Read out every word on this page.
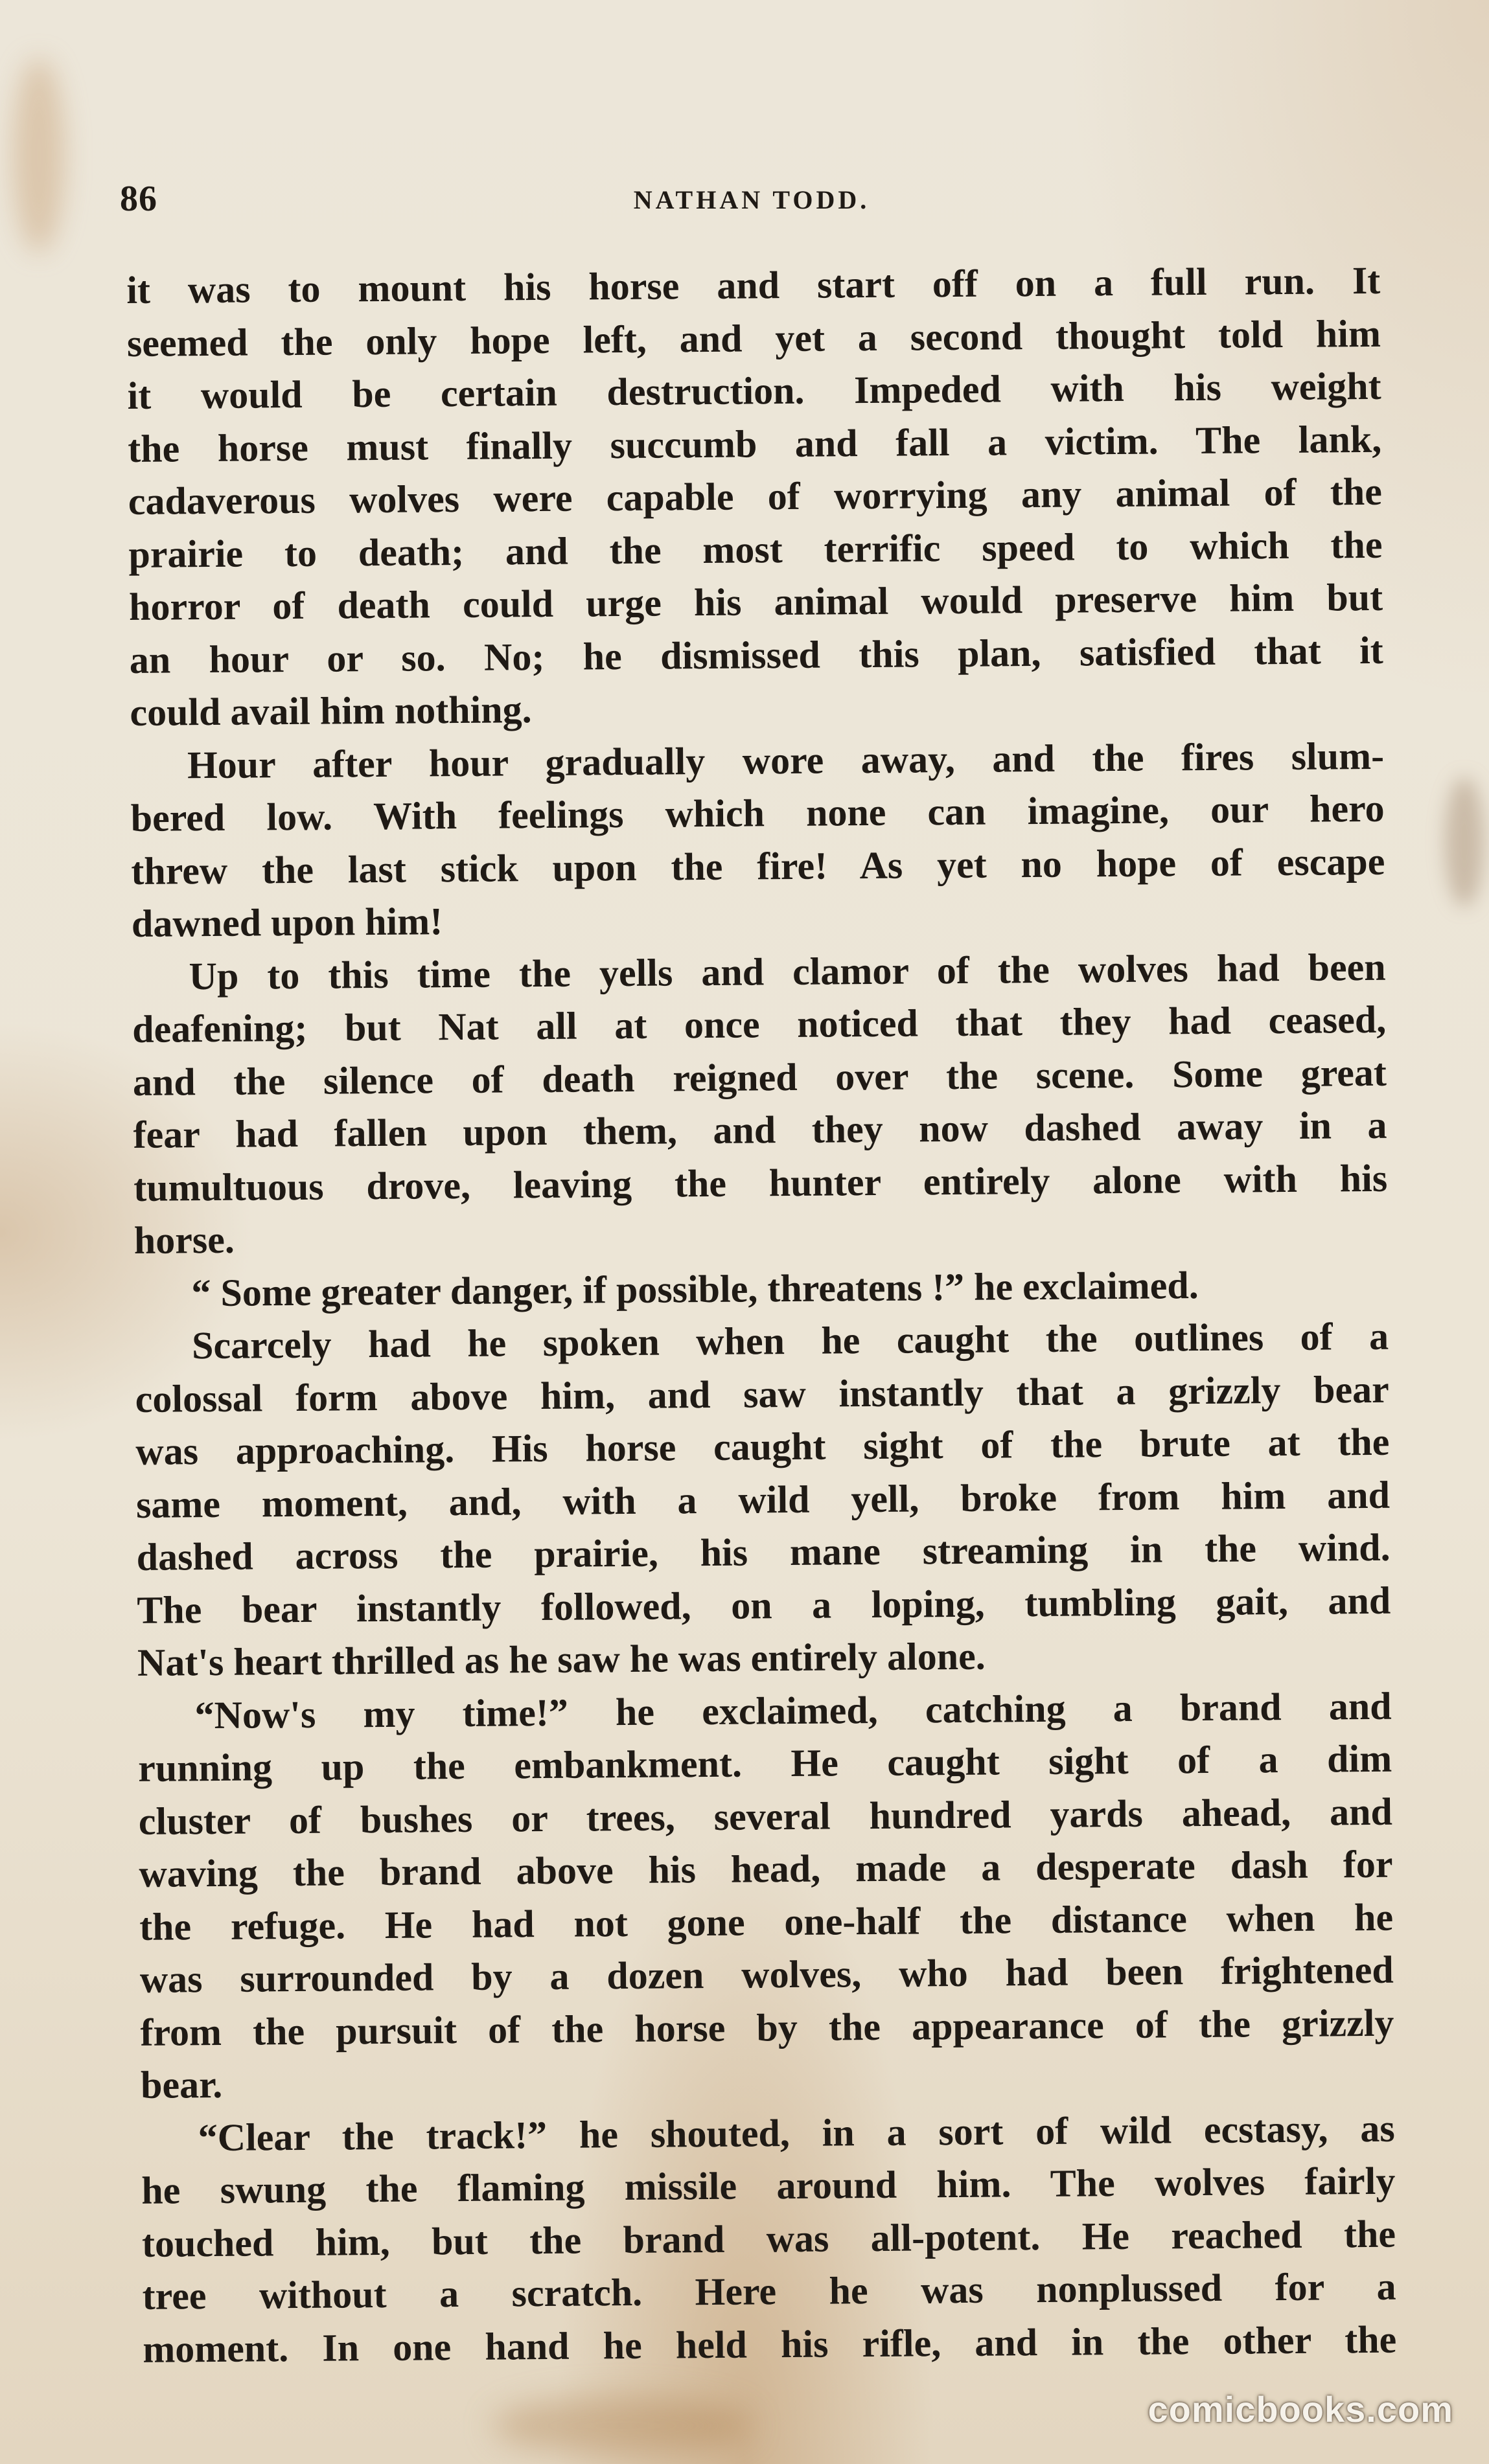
86	NATHAN TODD.
it was to mount his horse and start off on a full run. It
seemed the only hope left, and yet a second thought told him
it would be certain destruction. Impeded with his weight
the horse must finally succumb and fall a victim. The lank,
cadaverous wolves were capable of worrying any animal of the
prairie to death; and the most terrific speed to which the
horror of death could urge his animal would preserve him but
an hour or so. No; he dismissed this plan, satisfied that it
could avail him nothing.
Hour after hour gradually wore away, and the fires slum-
bered low. With feelings which none can imagine, our hero
threw the last stick upon the fire! As yet no hope of escape
dawned upon him!
Up to this time the yells and clamor of the wolves had been
deafening; but Nat all at once noticed that they had ceased,
and the silence of death reigned over the scene. Some great
fear had fallen upon them, and they now dashed away in a
tumultuous drove, leaving the hunter entirely alone with his
horse.
“ Some greater danger, if possible, threatens !” he exclaimed.
Scarcely had he spoken when he caught the outlines of a
colossal form above him, and saw instantly that a grizzly bear
was approaching. His horse caught sight of the brute at the
same moment, and, with a wild yell, broke from him and
dashed across the prairie, his mane streaming in the wind.
The bear instantly followed, on a loping, tumbling gait, and
Nat's heart thrilled as he saw he was entirely alone.
“Now's my time!” he exclaimed, catching a brand and
running up the embankment. He caught sight of a dim
cluster of bushes or trees, several hundred yards ahead, and
waving the brand above his head, made a desperate dash for
the refuge. He had not gone one-half the distance when he
was surrounded by a dozen wolves, who had been frightened
from the pursuit of the horse by the appearance of the grizzly
bear.
“Clear the track!” he shouted, in a sort of wild ecstasy, as
he swung the flaming missile around him. The wolves fairly
touched him, but the brand was all-potent. He reached the
tree without a scratch. Here he was nonplussed for a
moment. In one hand he held his rifle, and in the other the
comicbooks.com
